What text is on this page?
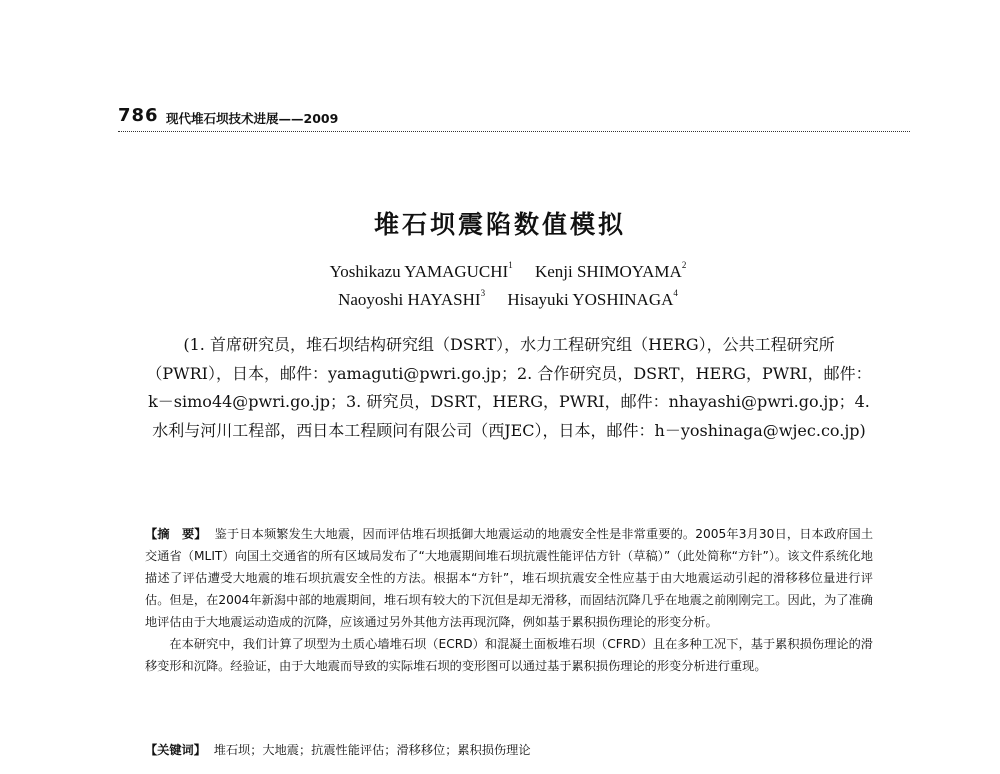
786 现代堆石坝技术进展——2009
堆石坝震陷数值模拟
Yoshikazu YAMAGUCHI$^1$ Kenji SHIMOYAMA$^2$
Naoyoshi HAYASHI$^3$ Hisayuki YOSHINAGA$^4$
(1. 首席研究员，堆石坝结构研究组（DSRT），水力工程研究组（HERG），公共工程研究所（PWRI），日本，邮件：yamaguti@pwri.go.jp；2. 合作研究员，DSRT，HERG，PWRI，邮件：k－simo44@pwri.go.jp；3. 研究员，DSRT，HERG，PWRI，邮件：nhayashi@pwri.go.jp；4. 水利与河川工程部，西日本工程顾问有限公司（西JEC），日本，邮件：h－yoshinaga@wjec.co.jp)

【摘　要】 鉴于日本频繁发生大地震，因而评估堆石坝抵御大地震运动的地震安全性是非常重要的。2005年3月30日，日本政府国土交通省（MLIT）向国土交通省的所有区域局发布了“大地震期间堆石坝抗震性能评估方针（草稿）”（此处简称“方针”）。该文件系统化地描述了评估遭受大地震的堆石坝抗震安全性的方法。根据本“方针”，堆石坝抗震安全性应基于由大地震运动引起的滑移移位量进行评估。但是，在2004年新潟中部的地震期间，堆石坝有较大的下沉但是却无滑移，而固结沉降几乎在地震之前刚刚完工。因此，为了准确地评估由于大地震运动造成的沉降，应该通过另外其他方法再现沉降，例如基于累积损伤理论的形变分析。

在本研究中，我们计算了坝型为土质心墙堆石坝（ECRD）和混凝土面板堆石坝（CFRD）且在多种工况下，基于累积损伤理论的滑移变形和沉降。经验证，由于大地震而导致的实际堆石坝的变形图可以通过基于累积损伤理论的形变分析进行重现。

【关键词】 堆石坝；大地震；抗震性能评估；滑移移位；累积损伤理论
